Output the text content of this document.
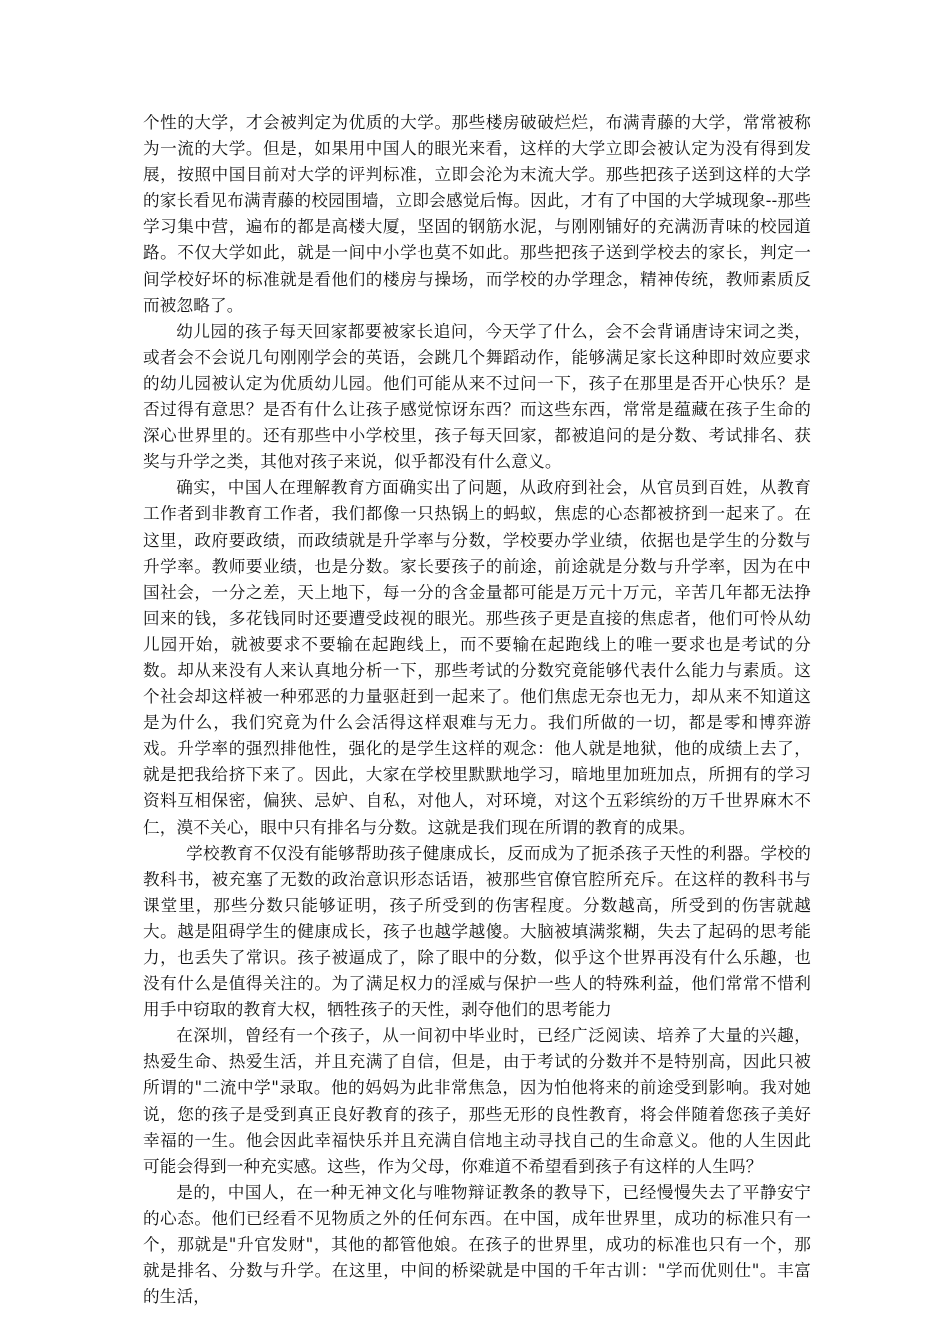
个性的大学，才会被判定为优质的大学。那些楼房破破烂烂，布满青藤的大学，常常被称为一流的大学。但是，如果用中国人的眼光来看，这样的大学立即会被认定为没有得到发展，按照中国目前对大学的评判标准，立即会沦为末流大学。那些把孩子送到这样的大学的家长看见布满青藤的校园围墙，立即会感觉后悔。因此，才有了中国的大学城现象--那些学习集中营，遍布的都是高楼大厦，坚固的钢筋水泥，与刚刚铺好的充满沥青味的校园道路。不仅大学如此，就是一间中小学也莫不如此。那些把孩子送到学校去的家长，判定一间学校好坏的标准就是看他们的楼房与操场，而学校的办学理念，精神传统，教师素质反而被忽略了。

幼儿园的孩子每天回家都要被家长追问，今天学了什么，会不会背诵唐诗宋词之类，或者会不会说几句刚刚学会的英语，会跳几个舞蹈动作，能够满足家长这种即时效应要求的幼儿园被认定为优质幼儿园。他们可能从来不过问一下，孩子在那里是否开心快乐？是否过得有意思？是否有什么让孩子感觉惊讶东西？而这些东西，常常是蕴藏在孩子生命的深心世界里的。还有那些中小学校里，孩子每天回家，都被追问的是分数、考试排名、获奖与升学之类，其他对孩子来说，似乎都没有什么意义。

确实，中国人在理解教育方面确实出了问题，从政府到社会，从官员到百姓，从教育工作者到非教育工作者，我们都像一只热锅上的蚂蚁，焦虑的心态都被挤到一起来了。在这里，政府要政绩，而政绩就是升学率与分数，学校要办学业绩，依据也是学生的分数与升学率。教师要业绩，也是分数。家长要孩子的前途，前途就是分数与升学率，因为在中国社会，一分之差，天上地下，每一分的含金量都可能是万元十万元，辛苦几年都无法挣回来的钱，多花钱同时还要遭受歧视的眼光。那些孩子更是直接的焦虑者，他们可怜从幼儿园开始，就被要求不要输在起跑线上，而不要输在起跑线上的唯一要求也是考试的分数。却从来没有人来认真地分析一下，那些考试的分数究竟能够代表什么能力与素质。这个社会却这样被一种邪恶的力量驱赶到一起来了。他们焦虑无奈也无力，却从来不知道这是为什么，我们究竟为什么会活得这样艰难与无力。我们所做的一切，都是零和博弈游戏。升学率的强烈排他性，强化的是学生这样的观念：他人就是地狱，他的成绩上去了，就是把我给挤下来了。因此，大家在学校里默默地学习，暗地里加班加点，所拥有的学习资料互相保密，偏狭、忌妒、自私，对他人，对环境，对这个五彩缤纷的万千世界麻木不仁，漠不关心，眼中只有排名与分数。这就是我们现在所谓的教育的成果。

学校教育不仅没有能够帮助孩子健康成长，反而成为了扼杀孩子天性的利器。学校的教科书，被充塞了无数的政治意识形态话语，被那些官僚官腔所充斥。在这样的教科书与课堂里，那些分数只能够证明，孩子所受到的伤害程度。分数越高，所受到的伤害就越大。越是阻碍学生的健康成长，孩子也越学越傻。大脑被填满浆糊，失去了起码的思考能力，也丢失了常识。孩子被逼成了，除了眼中的分数，似乎这个世界再没有什么乐趣，也没有什么是值得关注的。为了满足权力的淫威与保护一些人的特殊利益，他们常常不惜利用手中窃取的教育大权，牺牲孩子的天性，剥夺他们的思考能力

在深圳，曾经有一个孩子，从一间初中毕业时，已经广泛阅读、培养了大量的兴趣，热爱生命、热爱生活，并且充满了自信，但是，由于考试的分数并不是特别高，因此只被所谓的"二流中学"录取。他的妈妈为此非常焦急，因为怕他将来的前途受到影响。我对她说，您的孩子是受到真正良好教育的孩子，那些无形的良性教育，将会伴随着您孩子美好幸福的一生。他会因此幸福快乐并且充满自信地主动寻找自己的生命意义。他的人生因此可能会得到一种充实感。这些，作为父母，你难道不希望看到孩子有这样的人生吗？

是的，中国人，在一种无神文化与唯物辩证教条的教导下，已经慢慢失去了平静安宁的心态。他们已经看不见物质之外的任何东西。在中国，成年世界里，成功的标准只有一个，那就是"升官发财"，其他的都管他娘。在孩子的世界里，成功的标准也只有一个，那就是排名、分数与升学。在这里，中间的桥梁就是中国的千年古训："学而优则仕"。丰富的生活，
